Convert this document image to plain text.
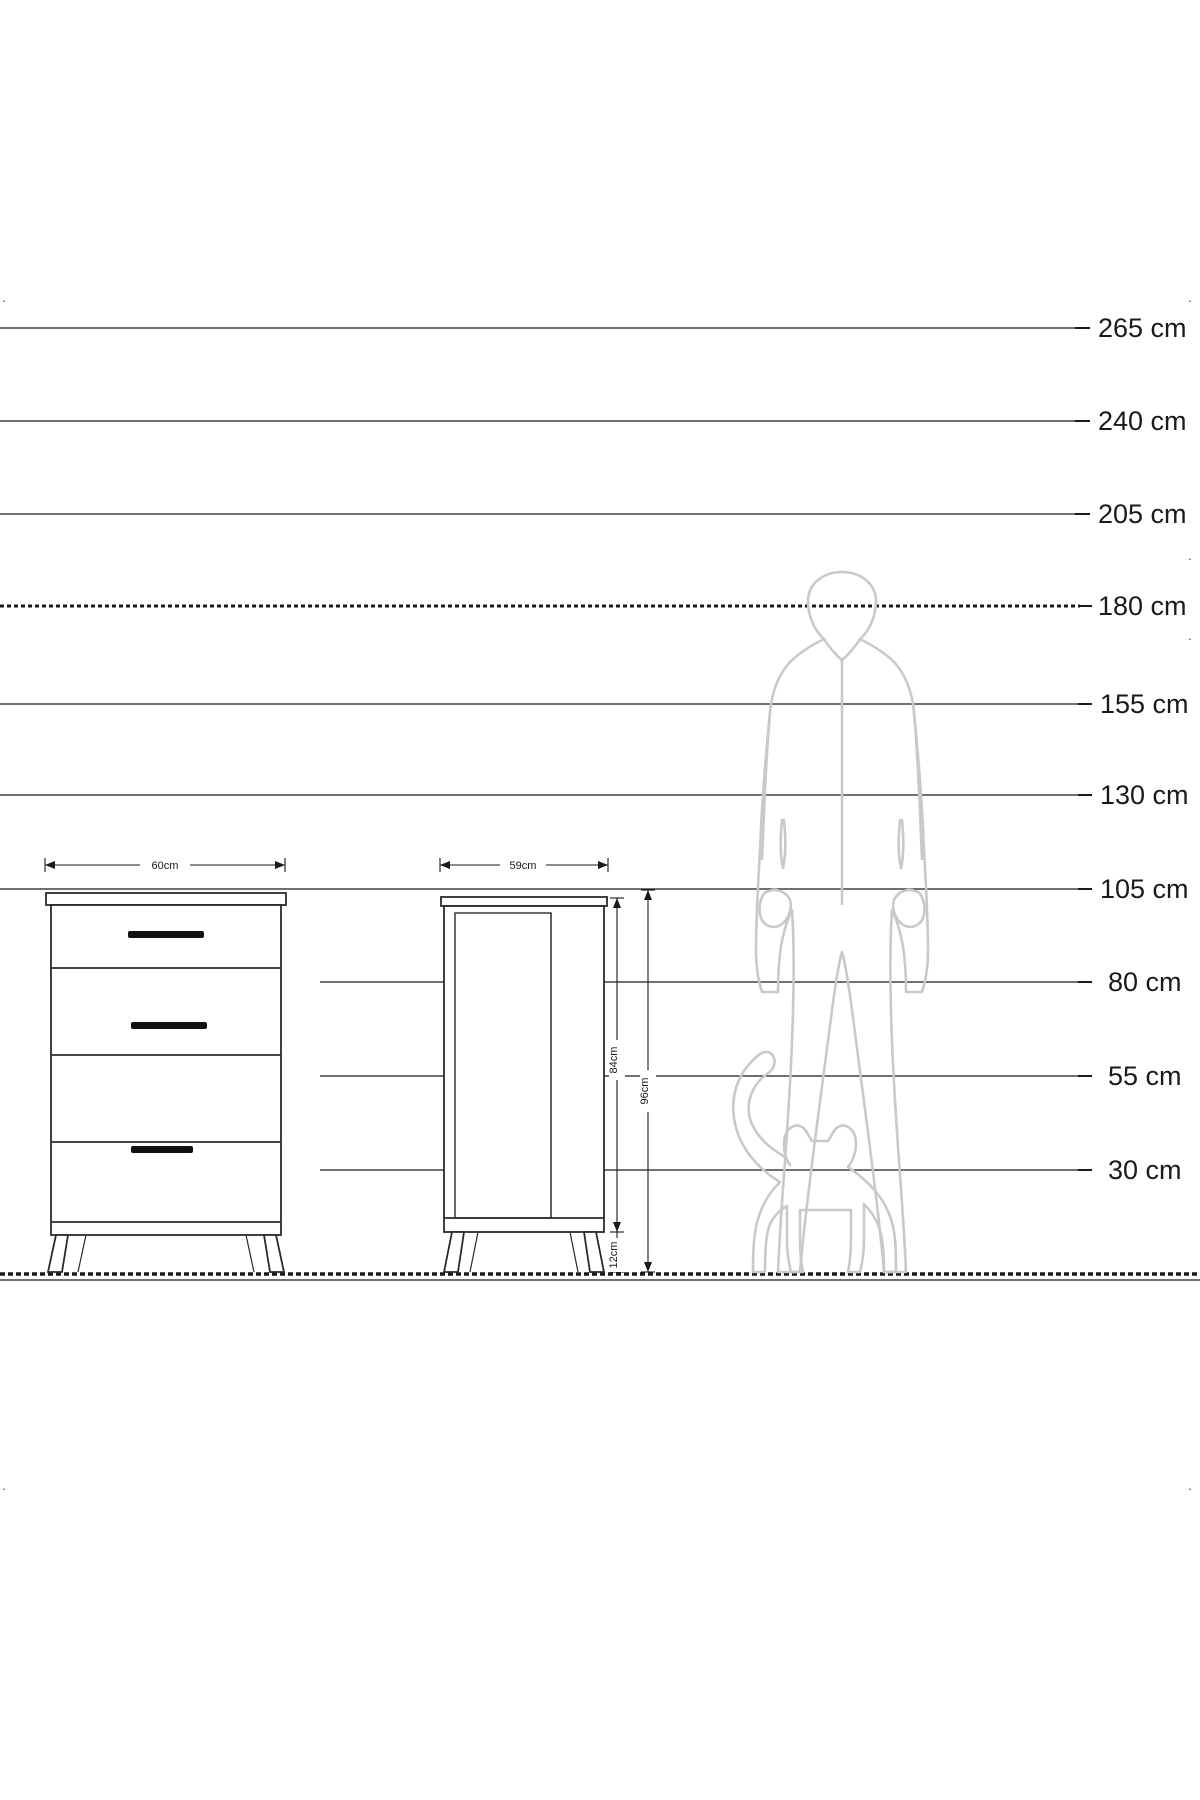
265 cm
240 cm
205 cm
180 cm
155 cm
130 cm
105 cm
80 cm
55 cm
30 cm
.	.
.
.	.
.
60cm	59cm
84cm
96cm
12cm
